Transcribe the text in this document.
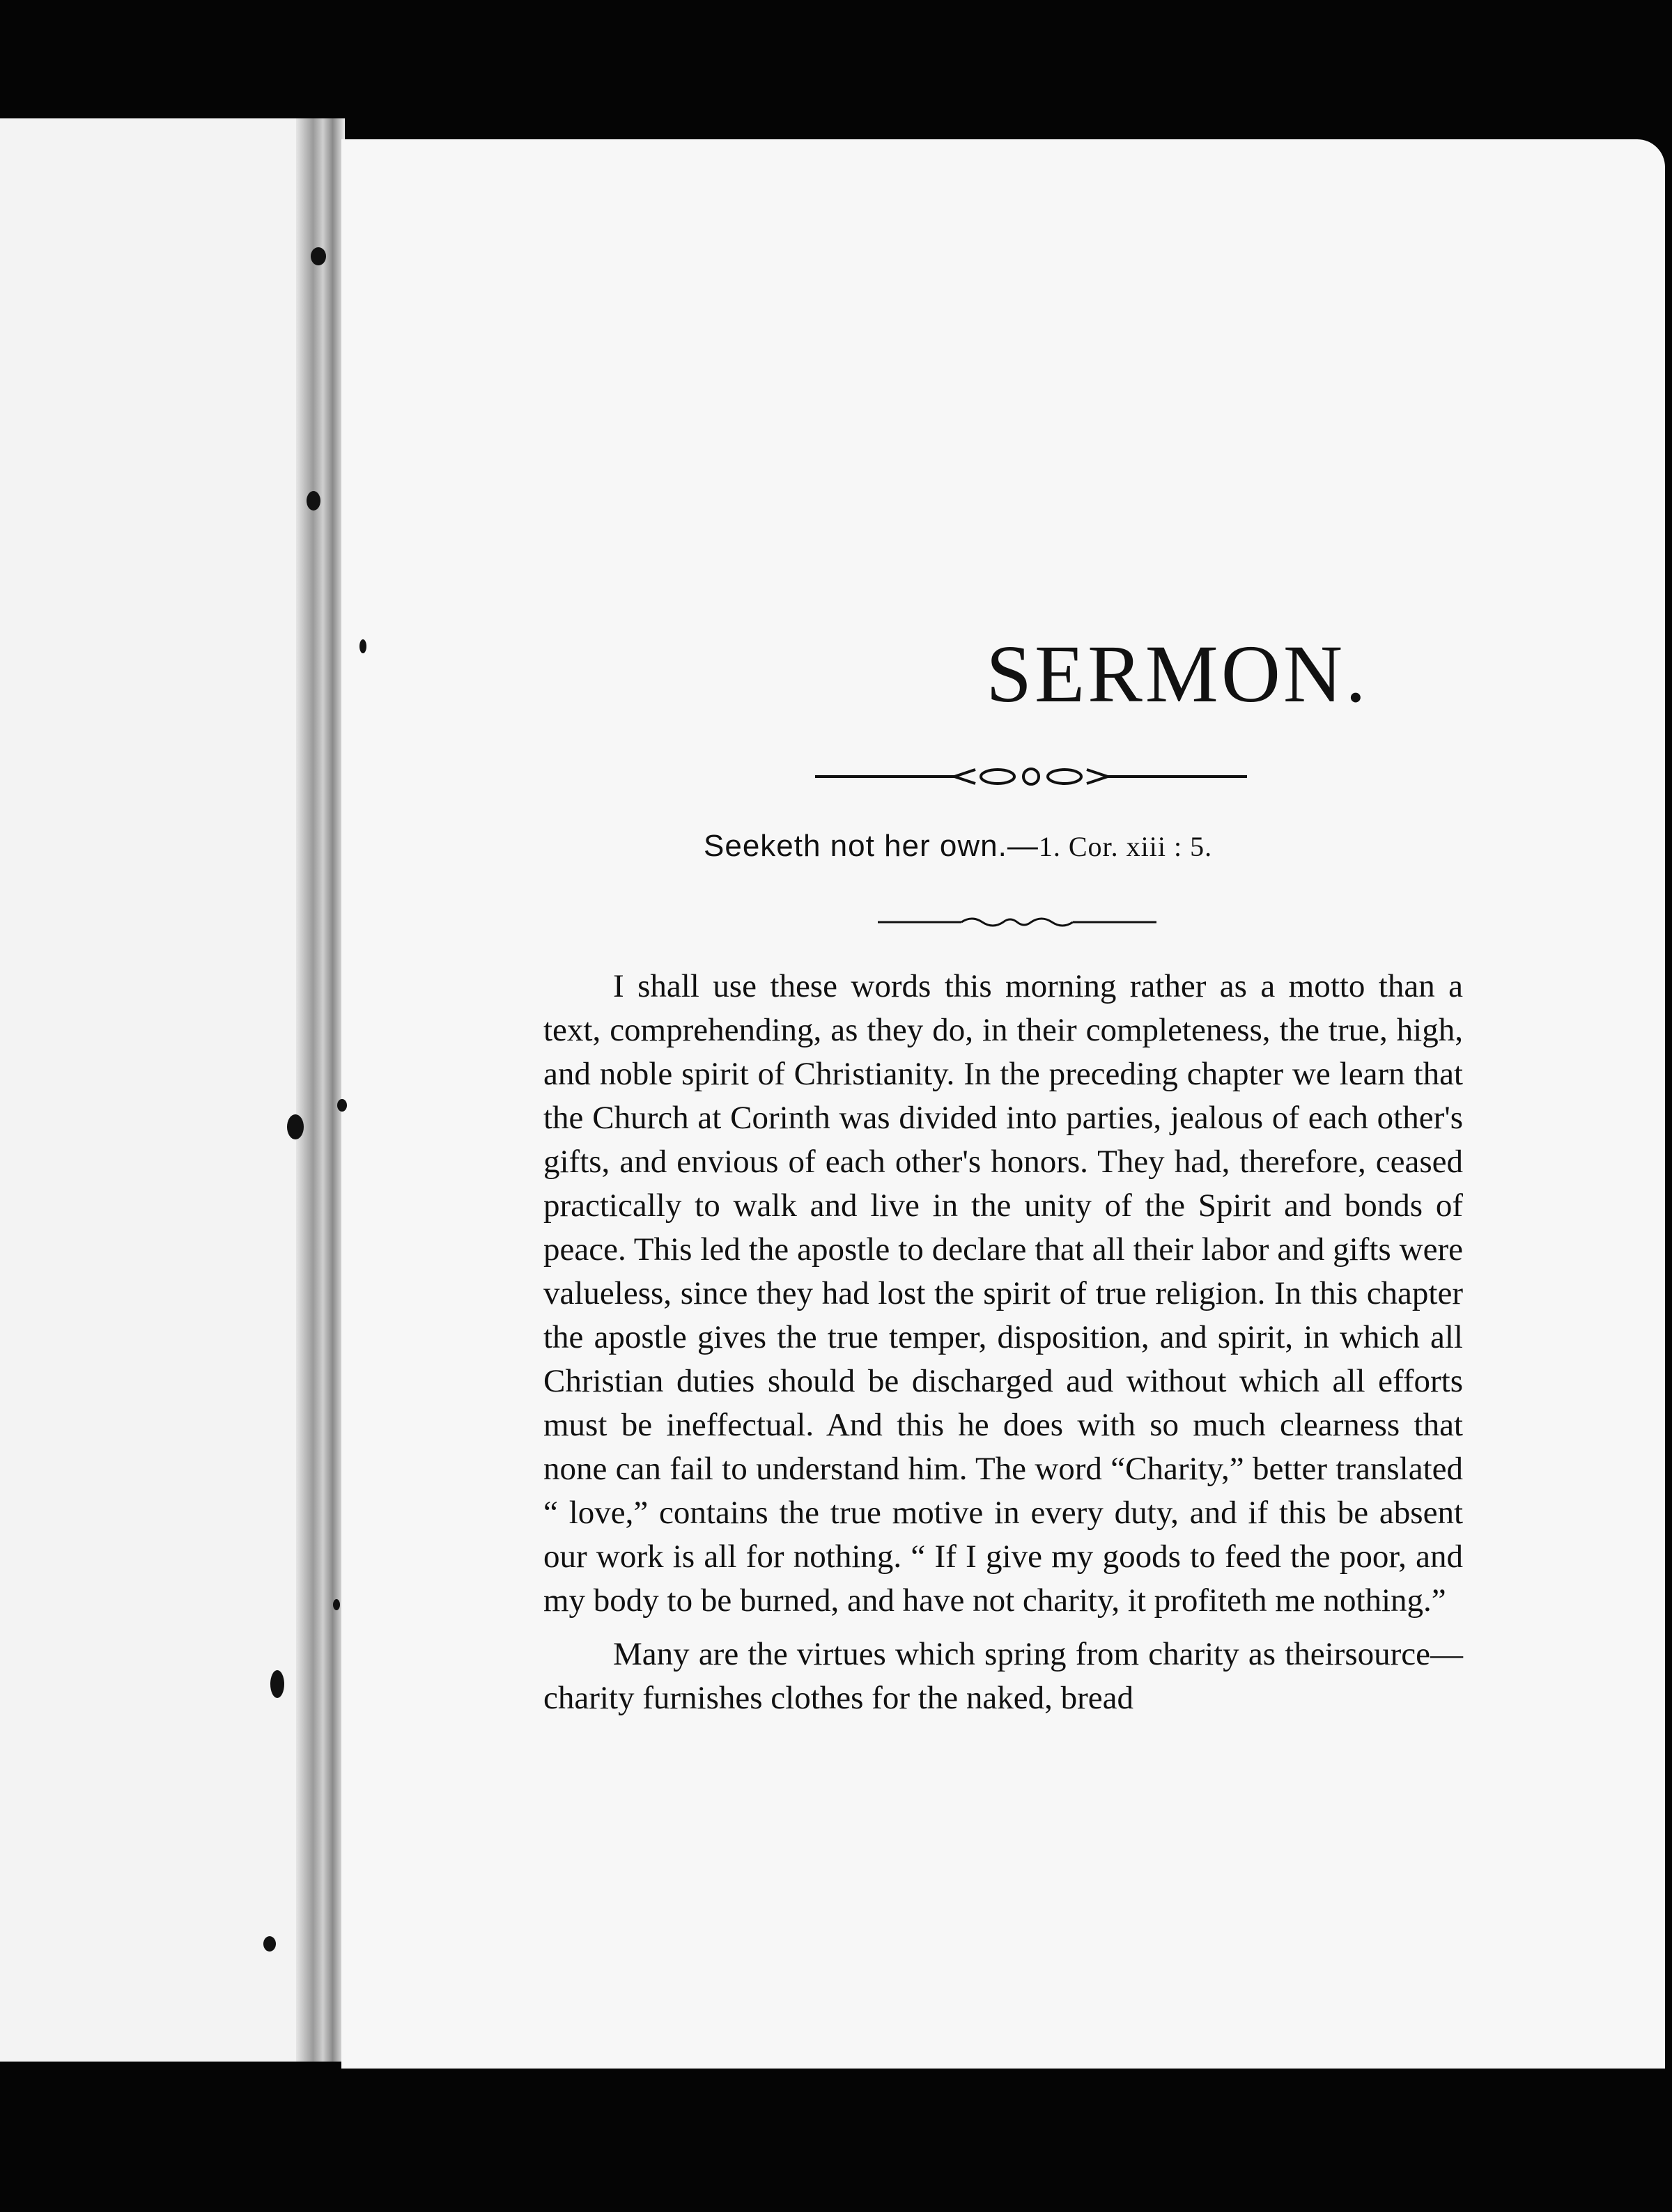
SERMON.
Seeketh not her own.—1. Cor. xiii : 5.

I shall use these words this morning rather as a motto than a text, comprehending, as they do, in their completeness, the true, high, and noble spirit of Christianity. In the preceding chapter we learn that the Church at Corinth was divided into parties, jealous of each other's gifts, and envious of each other's honors. They had, therefore, ceased practically to walk and live in the unity of the Spirit and bonds of peace. This led the apostle to declare that all their labor and gifts were valueless, since they had lost the spirit of true religion. In this chapter the apostle gives the true temper, disposition, and spirit, in which all Christian duties should be discharged aud without which all efforts must be ineffectual. And this he does with so much clearness that none can fail to understand him. The word “Charity,” better translated “ love,” contains the true motive in every duty, and if this be absent our work is all for nothing. “ If I give my goods to feed the poor, and my body to be burned, and have not charity, it profiteth me nothing.”

Many are the virtues which spring from charity as theirsource—charity furnishes clothes for the naked, bread
